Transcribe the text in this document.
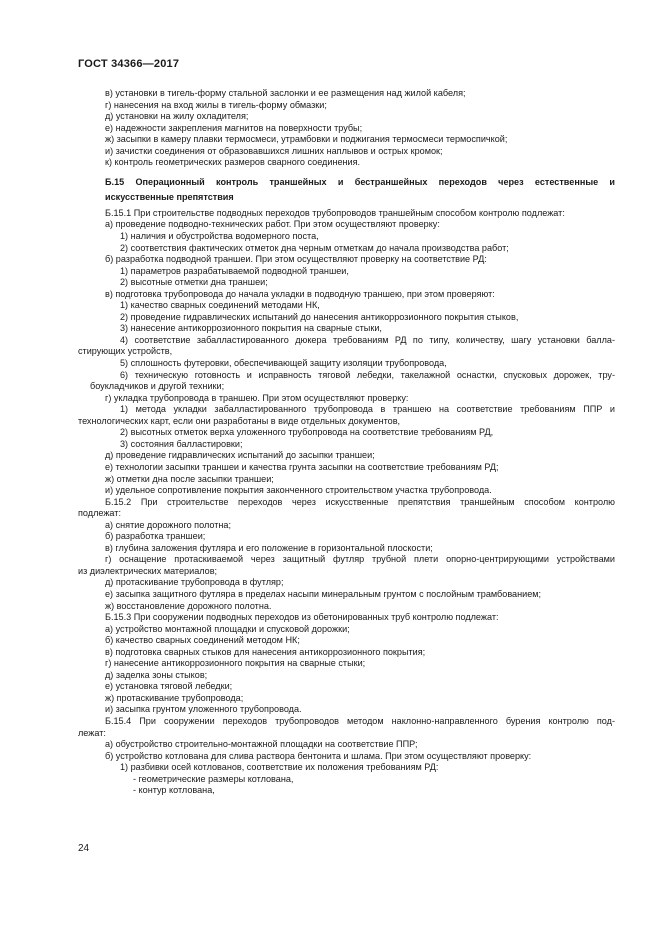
ГОСТ 34366—2017
в) установки в тигель-форму стальной заслонки и ее размещения над жилой кабеля;
г) нанесения на вход жилы в тигель-форму обмазки;
д) установки на жилу охладителя;
е) надежности закрепления магнитов на поверхности трубы;
ж) засыпки в камеру плавки термосмеси, утрамбовки и поджигания термосмеси термоспичкой;
и) зачистки соединения от образовавшихся лишних наплывов и острых кромок;
к) контроль геометрических размеров сварного соединения.
Б.15 Операционный контроль траншейных и бестраншейных переходов через естественные и
искусственные препятствия
Б.15.1 При строительстве подводных переходов трубопроводов траншейным способом контролю подлежат:
а) проведение подводно-технических работ. При этом осуществляют проверку:
1) наличия и обустройства водомерного поста,
2) соответствия фактических отметок дна черным отметкам до начала производства работ;
б) разработка подводной траншеи. При этом осуществляют проверку на соответствие РД:
1) параметров разрабатываемой подводной траншеи,
2) высотные отметки дна траншеи;
в) подготовка трубопровода до начала укладки в подводную траншею, при этом проверяют:
1) качество сварных соединений методами НК,
2) проведение гидравлических испытаний до нанесения антикоррозионного покрытия стыков,
3) нанесение антикоррозионного покрытия на сварные стыки,
4) соответствие забалластированного дюкера требованиям РД по типу, количеству, шагу установки балла-
стирующих устройств,
5) сплошность футеровки, обеспечивающей защиту изоляции трубопровода,
6) техническую готовность и исправность тяговой лебедки, такелажной оснастки, спусковых дорожек, тру-
боукладчиков и другой техники;
г) укладка трубопровода в траншею. При этом осуществляют проверку:
1) метода укладки забалластированного трубопровода в траншею на соответствие требованиям ППР и
технологических карт, если они разработаны в виде отдельных документов,
2) высотных отметок верха уложенного трубопровода на соответствие требованиям РД,
3) состояния балластировки;
д) проведение гидравлических испытаний до засыпки траншеи;
е) технологии засыпки траншеи и качества грунта засыпки на соответствие требованиям РД;
ж) отметки дна после засыпки траншеи;
и) удельное сопротивление покрытия законченного строительством участка трубопровода.
Б.15.2 При строительстве переходов через искусственные препятствия траншейным способом контролю
подлежат:
а) снятие дорожного полотна;
б) разработка траншеи;
в) глубина заложения футляра и его положение в горизонтальной плоскости;
г) оснащение протаскиваемой через защитный футляр трубной плети опорно-центрирующими устройствами
из диэлектрических материалов;
д) протаскивание трубопровода в футляр;
е) засыпка защитного футляра в пределах насыпи минеральным грунтом с послойным трамбованием;
ж) восстановление дорожного полотна.
Б.15.3 При сооружении подводных переходов из обетонированных труб контролю подлежат:
а) устройство монтажной площадки и спусковой дорожки;
б) качество сварных соединений методом НК;
в) подготовка сварных стыков для нанесения антикоррозионного покрытия;
г) нанесение антикоррозионного покрытия на сварные стыки;
д) заделка зоны стыков;
е) установка тяговой лебедки;
ж) протаскивание трубопровода;
и) засыпка грунтом уложенного трубопровода.
Б.15.4 При сооружении переходов трубопроводов методом наклонно-направленного бурения контролю под-
лежат:
а) обустройство строительно-монтажной площадки на соответствие ППР;
б) устройство котлована для слива раствора бентонита и шлама. При этом осуществляют проверку:
1) разбивки осей котлованов, соответствие их положения требованиям РД:
- геометрические размеры котлована,
- контур котлована,
24
